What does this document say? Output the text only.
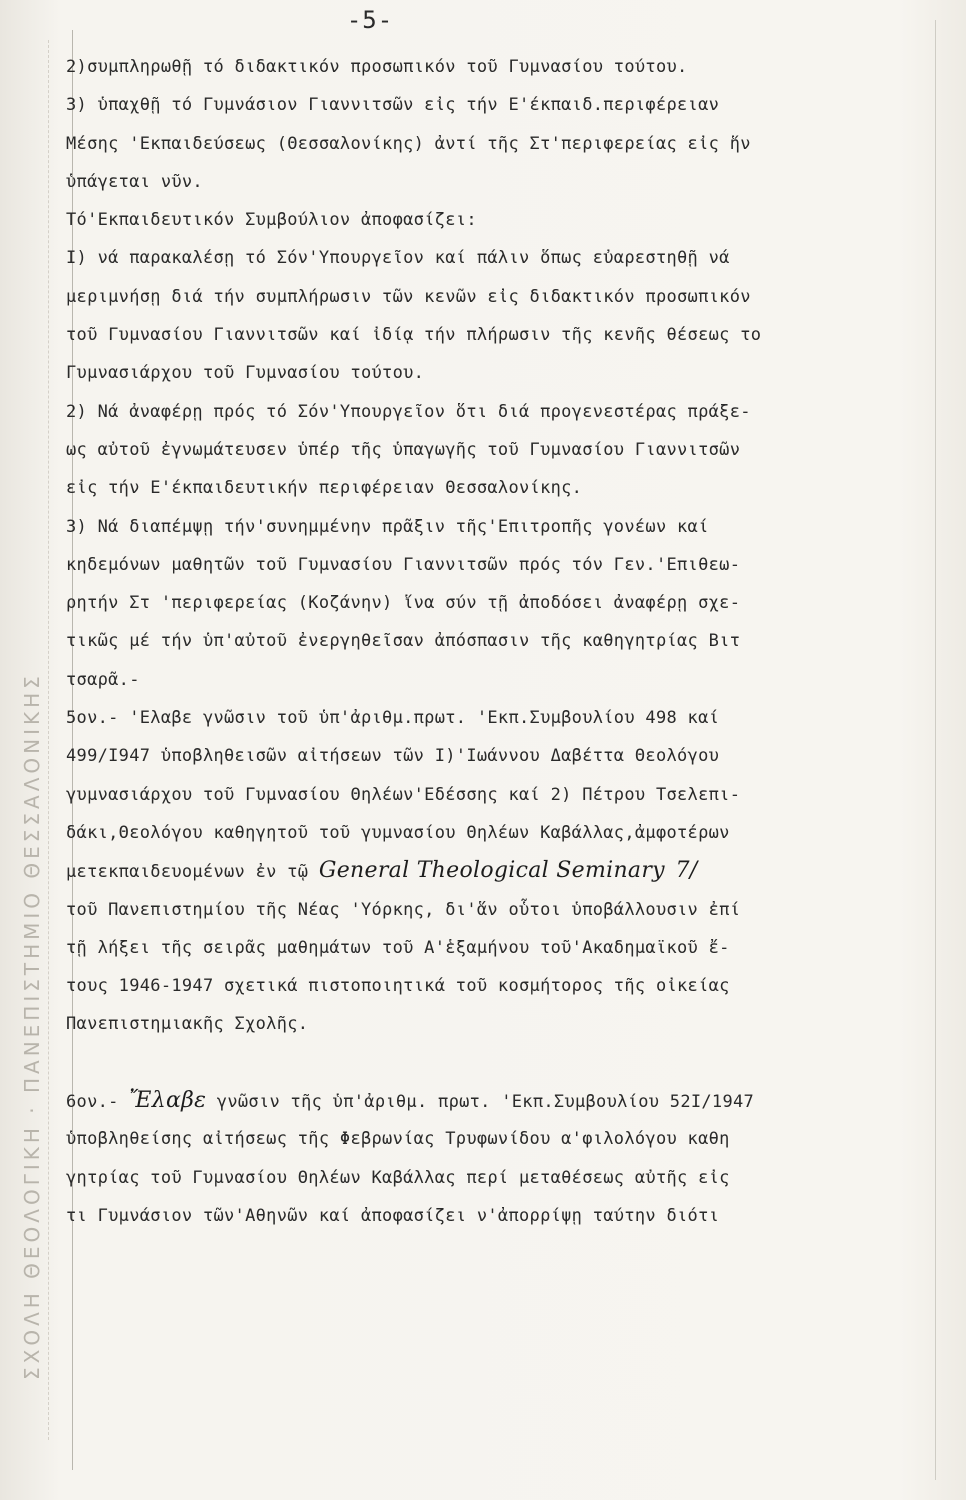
ΣΧΟΛΗ ΘΕΟΛΟΓΙΚΗ · ΠΑΝΕΠΙΣΤΗΜΙΟ ΘΕΣΣΑΛΟΝΙΚΗΣ
-5-
2)συμπληρωθῇ τό διδακτικόν προσωπικόν τοῦ Γυμνασίου τούτου.
3) ὑπαχθῇ τό Γυμνάσιον Γιαννιτσῶν εἰς τήν Ε'έκπαιδ.περιφέρειαν
Μέσης 'Εκπαιδεύσεως (Θεσσαλονίκης) ἀντί τῆς Στ'περιφερείας εἰς ἥν
ὑπάγεται νῦν.
Τό'Εκπαιδευτικόν Συμβούλιον ἀποφασίζει:
I) νά παρακαλέσῃ τό Σόν'Υπουργεῖον καί πάλιν ὅπως εὐαρεστηθῇ νά
μεριμνήσῃ διά τήν συμπλήρωσιν τῶν κενῶν εἰς διδακτικόν προσωπικόν
τοῦ Γυμνασίου Γιαννιτσῶν καί ἰδίᾳ τήν πλήρωσιν τῆς κενῆς θέσεως το
Γυμνασιάρχου τοῦ Γυμνασίου τούτου.
2) Νά ἀναφέρῃ πρός τό Σόν'Υπουργεῖον ὅτι διά προγενεστέρας πράξε-
ως αὐτοῦ ἐγνωμάτευσεν ὑπέρ τῆς ὑπαγωγῆς τοῦ Γυμνασίου Γιαννιτσῶν
εἰς τήν Ε'έκπαιδευτικήν περιφέρειαν Θεσσαλονίκης.
3) Νά διαπέμψῃ τήν'συνημμένην πρᾶξιν τῆς'Επιτροπῆς γονέων καί
κηδεμόνων μαθητῶν τοῦ Γυμνασίου Γιαννιτσῶν πρός τόν Γεν.'Επιθεω-
ρητήν Στ 'περιφερείας (Κοζάνην) ἵνα σύν τῇ ἀποδόσει ἀναφέρῃ σχε-
τικῶς μέ τήν ὑπ'αὐτοῦ ἐνεργηθεῖσαν ἀπόσπασιν τῆς καθηγητρίας Βιτ
τσαρᾶ.-
5ον.- 'Ελαβε γνῶσιν τοῦ ὑπ'ἀριθμ.πρωτ. 'Εκπ.Συμβουλίου 498 καί
499/I947 ὑποβληθεισῶν αἰτήσεων τῶν I)'Ιωάννου Δαβέττα Θεολόγου
γυμνασιάρχου τοῦ Γυμνασίου Θηλέων'Εδέσσης καί 2) Πέτρου Τσελεπι-
δάκι,Θεολόγου καθηγητοῦ τοῦ γυμνασίου Θηλέων Καβάλλας,ἀμφοτέρων
μετεκπαιδευομένων ἐν τῷ General Theological Seminary 7/
τοῦ Πανεπιστημίου τῆς Νέας 'Υόρκης, δι'ἅν οὗτοι ὑποβάλλουσιν ἐπί
τῇ λήξει τῆς σειρᾶς μαθημάτων τοῦ Α'ἑξαμήνου τοῦ'Ακαδημαϊκοῦ ἔ-
τους 1946-1947 σχετικά πιστοποιητικά τοῦ κοσμήτορος τῆς οἰκείας
Πανεπιστημιακῆς Σχολῆς.
6ον.- Ἔλαβε γνῶσιν τῆς ὑπ'ἀριθμ. πρωτ. 'Εκπ.Συμβουλίου 52I/1947
ὑποβληθείσης αἰτήσεως τῆς Φεβρωνίας Τρυφωνίδου α'φιλολόγου καθη
γητρίας τοῦ Γυμνασίου Θηλέων Καβάλλας περί μεταθέσεως αὐτῆς εἰς
τι Γυμνάσιον τῶν'Αθηνῶν καί ἀποφασίζει ν'ἀπορρίψῃ ταύτην διότι
